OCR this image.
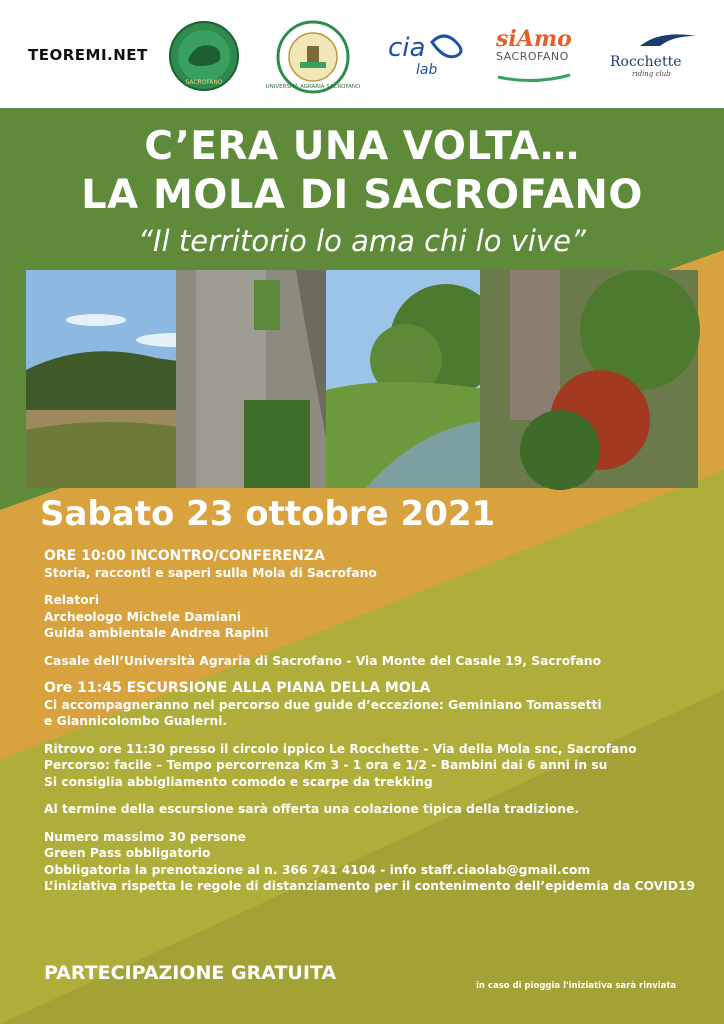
TEOREMI.NET
SACROFANO
UNIVERSITÀ AGRARIA SACROFANO
cia
lab
siAmo
SACROFANO	Rocchette
riding club
C’ERA UNA VOLTA…
LA MOLA DI SACROFANO
“Il territorio lo ama chi lo vive”
Sabato 23 ottobre 2021

ORE 10:00 INCONTRO/CONFERENZA

Storia, racconti e saperi sulla Mola di Sacrofano

Relatori

Archeologo Michele Damiani

Guida ambientale Andrea Rapini

Casale dell’Università Agraria di Sacrofano - Via Monte del Casale 19, Sacrofano

Ore 11:45 ESCURSIONE ALLA PIANA DELLA MOLA

Ci accompagneranno nel percorso due guide d’eccezione: Geminiano Tomassetti

e Giannicolombo Gualerni.

Ritrovo ore 11:30 presso il circolo ippico Le Rocchette - Via della Mola snc, Sacrofano

Percorso: facile – Tempo percorrenza Km 3 - 1 ora e 1/2 - Bambini dai 6 anni in su

Si consiglia abbigliamento comodo e scarpe da trekking

Al termine della escursione sarà offerta una colazione tipica della tradizione.

Numero massimo 30 persone

Green Pass obbligatorio

Obbligatoria la prenotazione al n. 366 741 4104 - info staff.ciaolab@gmail.com

L’iniziativa rispetta le regole di distanziamento per il contenimento dell’epidemia da COVID19

PARTECIPAZIONE GRATUITA
in caso di pioggia l'iniziativa sarà rinviata
